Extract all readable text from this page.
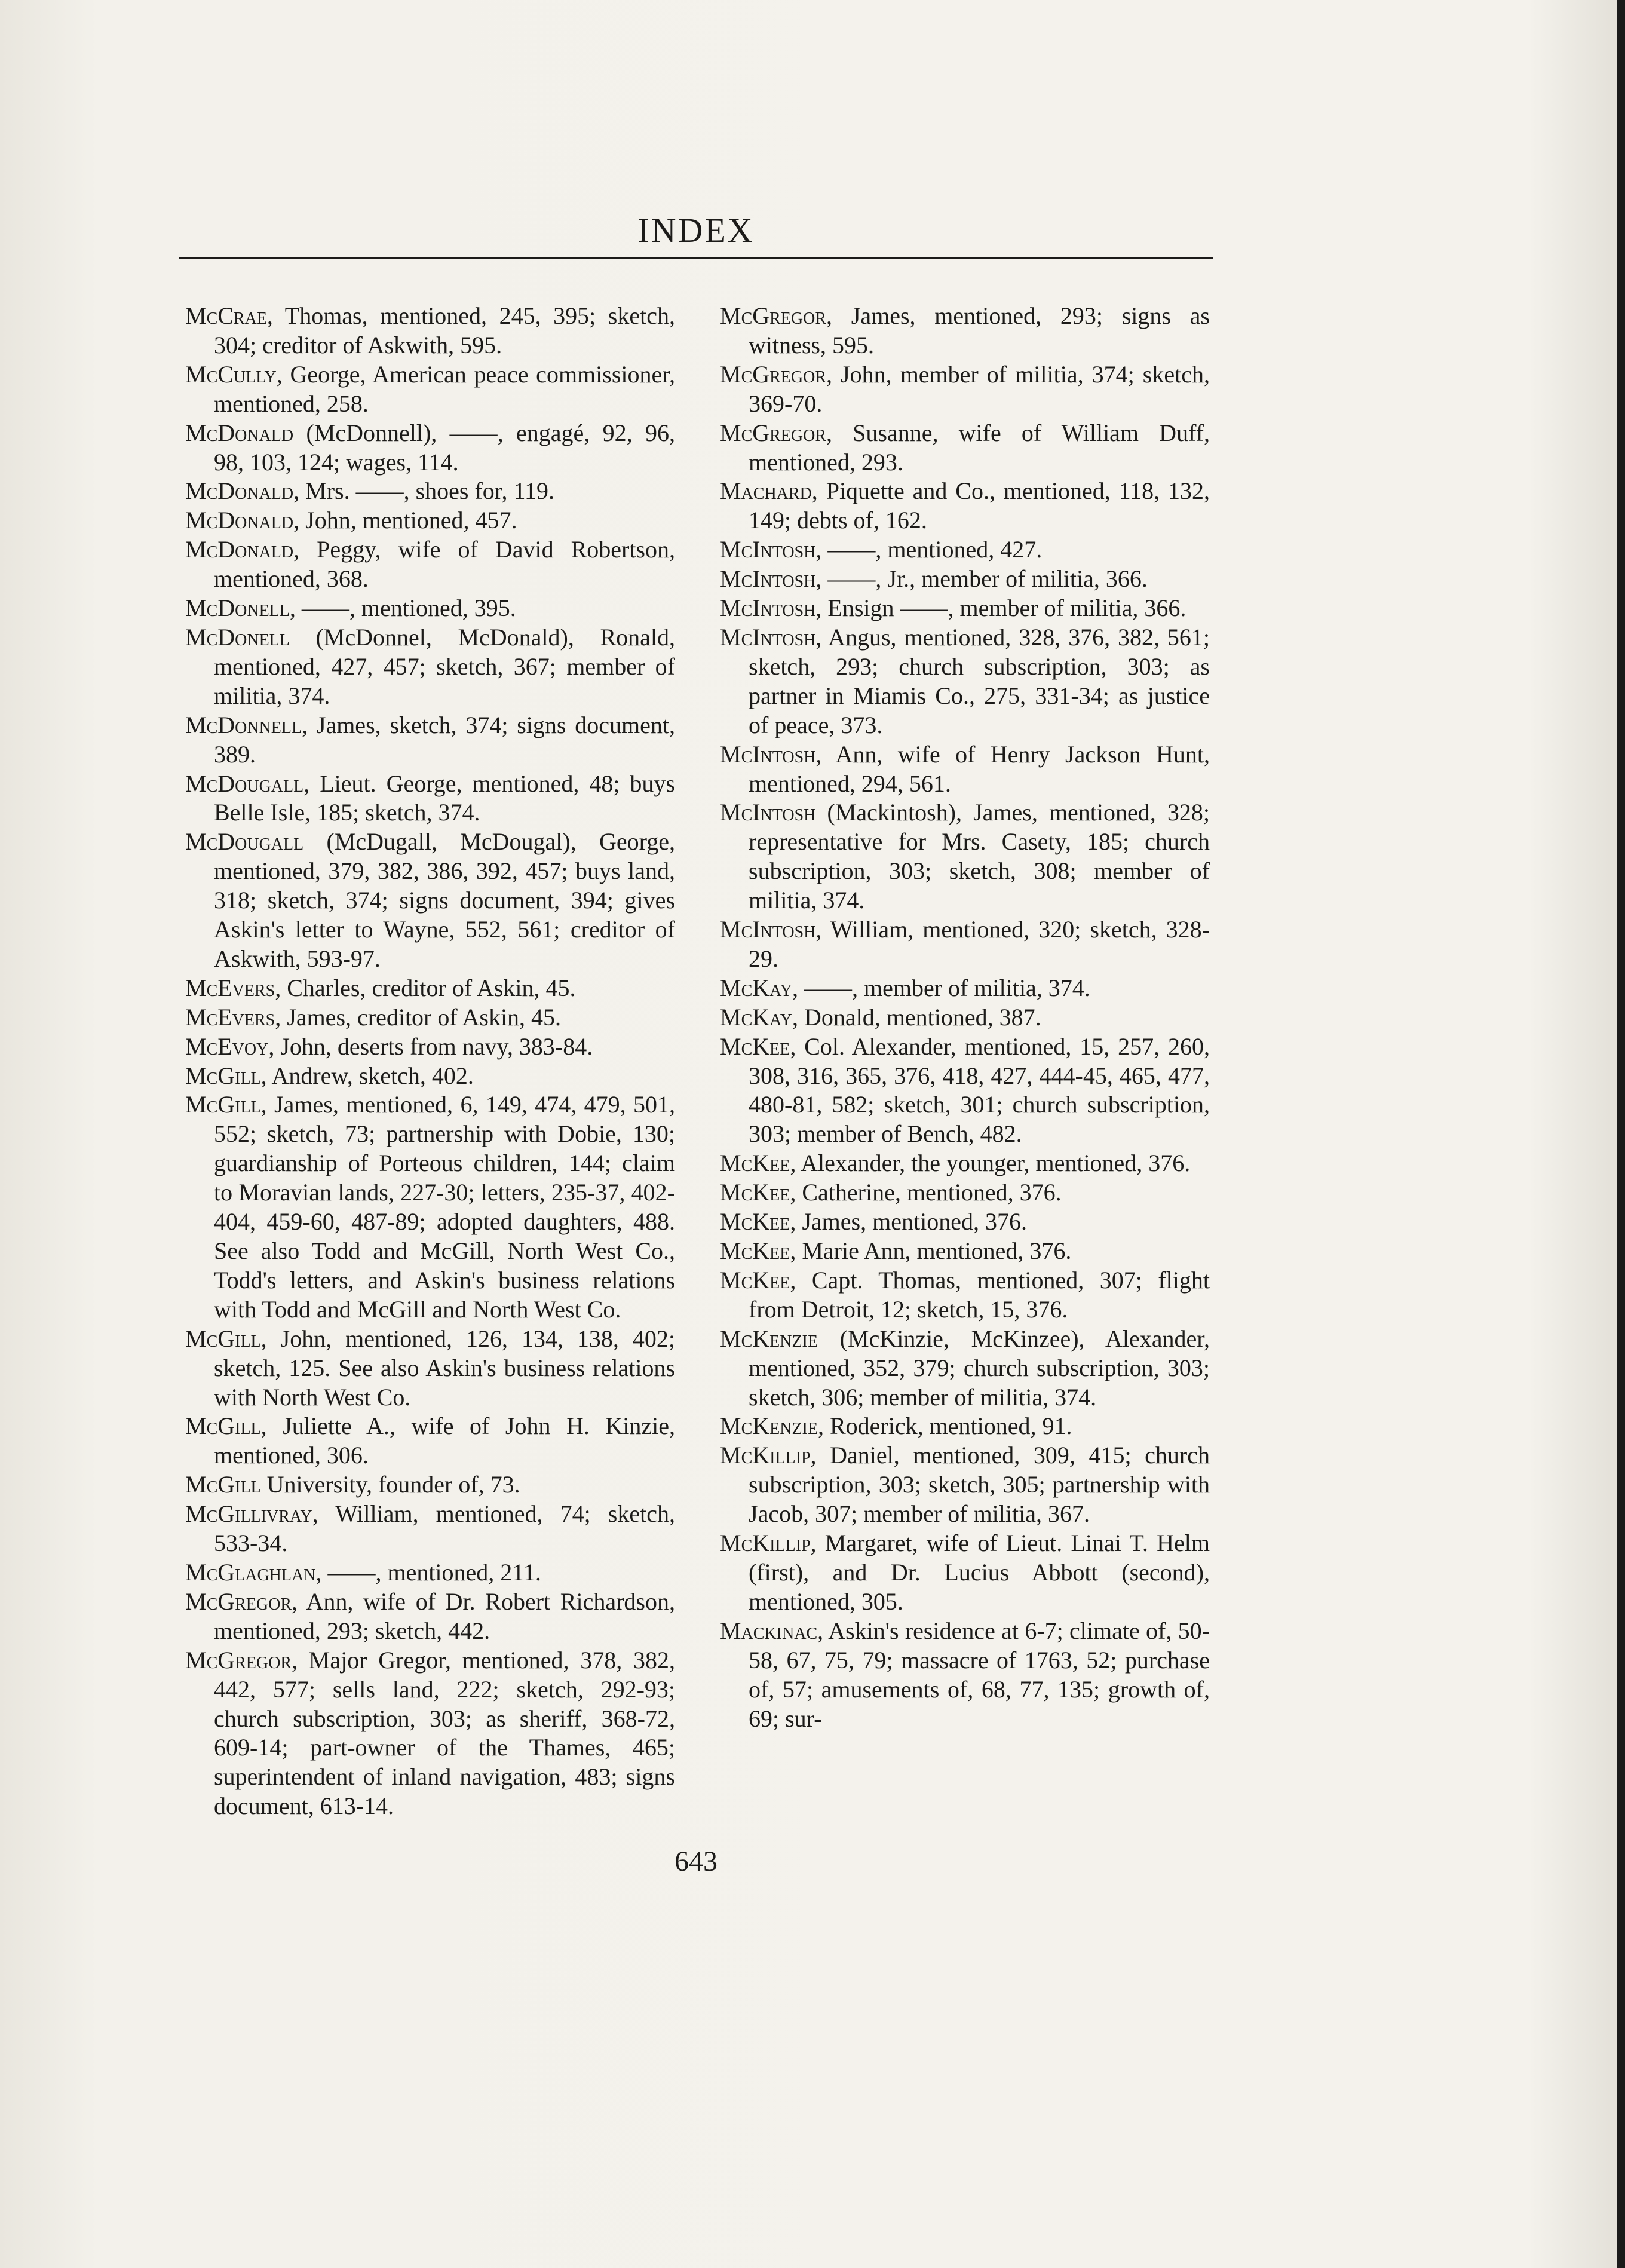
INDEX

McCrae, Thomas, mentioned, 245, 395; sketch, 304; creditor of Askwith, 595.

McCully, George, American peace commissioner, mentioned, 258.

McDonald (McDonnell), ——, engagé, 92, 96, 98, 103, 124; wages, 114.

McDonald, Mrs. ——, shoes for, 119.

McDonald, John, mentioned, 457.

McDonald, Peggy, wife of David Robertson, mentioned, 368.

McDonell, ——, mentioned, 395.

McDonell (McDonnel, McDonald), Ronald, mentioned, 427, 457; sketch, 367; member of militia, 374.

McDonnell, James, sketch, 374; signs document, 389.

McDougall, Lieut. George, mentioned, 48; buys Belle Isle, 185; sketch, 374.

McDougall (McDugall, McDougal), George, mentioned, 379, 382, 386, 392, 457; buys land, 318; sketch, 374; signs document, 394; gives Askin's letter to Wayne, 552, 561; creditor of Askwith, 593-97.

McEvers, Charles, creditor of Askin, 45.

McEvers, James, creditor of Askin, 45.

McEvoy, John, deserts from navy, 383-84.

McGill, Andrew, sketch, 402.

McGill, James, mentioned, 6, 149, 474, 479, 501, 552; sketch, 73; partnership with Dobie, 130; guardianship of Porteous children, 144; claim to Moravian lands, 227-30; letters, 235-37, 402-404, 459-60, 487-89; adopted daughters, 488. See also Todd and McGill, North West Co., Todd's letters, and Askin's business relations with Todd and McGill and North West Co.

McGill, John, mentioned, 126, 134, 138, 402; sketch, 125. See also Askin's business relations with North West Co.

McGill, Juliette A., wife of John H. Kinzie, mentioned, 306.

McGill University, founder of, 73.

McGillivray, William, mentioned, 74; sketch, 533-34.

McGlaghlan, ——, mentioned, 211.

McGregor, Ann, wife of Dr. Robert Richardson, mentioned, 293; sketch, 442.

McGregor, Major Gregor, mentioned, 378, 382, 442, 577; sells land, 222; sketch, 292-93; church subscription, 303; as sheriff, 368-72, 609-14; part-owner of the Thames, 465; superintendent of inland navigation, 483; signs document, 613-14.

McGregor, James, mentioned, 293; signs as witness, 595.

McGregor, John, member of militia, 374; sketch, 369-70.

McGregor, Susanne, wife of William Duff, mentioned, 293.

Machard, Piquette and Co., mentioned, 118, 132, 149; debts of, 162.

McIntosh, ——, mentioned, 427.

McIntosh, ——, Jr., member of militia, 366.

McIntosh, Ensign ——, member of militia, 366.

McIntosh, Angus, mentioned, 328, 376, 382, 561; sketch, 293; church subscription, 303; as partner in Miamis Co., 275, 331-34; as justice of peace, 373.

McIntosh, Ann, wife of Henry Jackson Hunt, mentioned, 294, 561.

McIntosh (Mackintosh), James, mentioned, 328; representative for Mrs. Casety, 185; church subscription, 303; sketch, 308; member of militia, 374.

McIntosh, William, mentioned, 320; sketch, 328-29.

McKay, ——, member of militia, 374.

McKay, Donald, mentioned, 387.

McKee, Col. Alexander, mentioned, 15, 257, 260, 308, 316, 365, 376, 418, 427, 444-45, 465, 477, 480-81, 582; sketch, 301; church subscription, 303; member of Bench, 482.

McKee, Alexander, the younger, mentioned, 376.

McKee, Catherine, mentioned, 376.

McKee, James, mentioned, 376.

McKee, Marie Ann, mentioned, 376.

McKee, Capt. Thomas, mentioned, 307; flight from Detroit, 12; sketch, 15, 376.

McKenzie (McKinzie, McKinzee), Alexander, mentioned, 352, 379; church subscription, 303; sketch, 306; member of militia, 374.

McKenzie, Roderick, mentioned, 91.

McKillip, Daniel, mentioned, 309, 415; church subscription, 303; sketch, 305; partnership with Jacob, 307; member of militia, 367.

McKillip, Margaret, wife of Lieut. Linai T. Helm (first), and Dr. Lucius Abbott (second), mentioned, 305.

Mackinac, Askin's residence at 6-7; climate of, 50-58, 67, 75, 79; massacre of 1763, 52; purchase of, 57; amusements of, 68, 77, 135; growth of, 69; sur-

643
